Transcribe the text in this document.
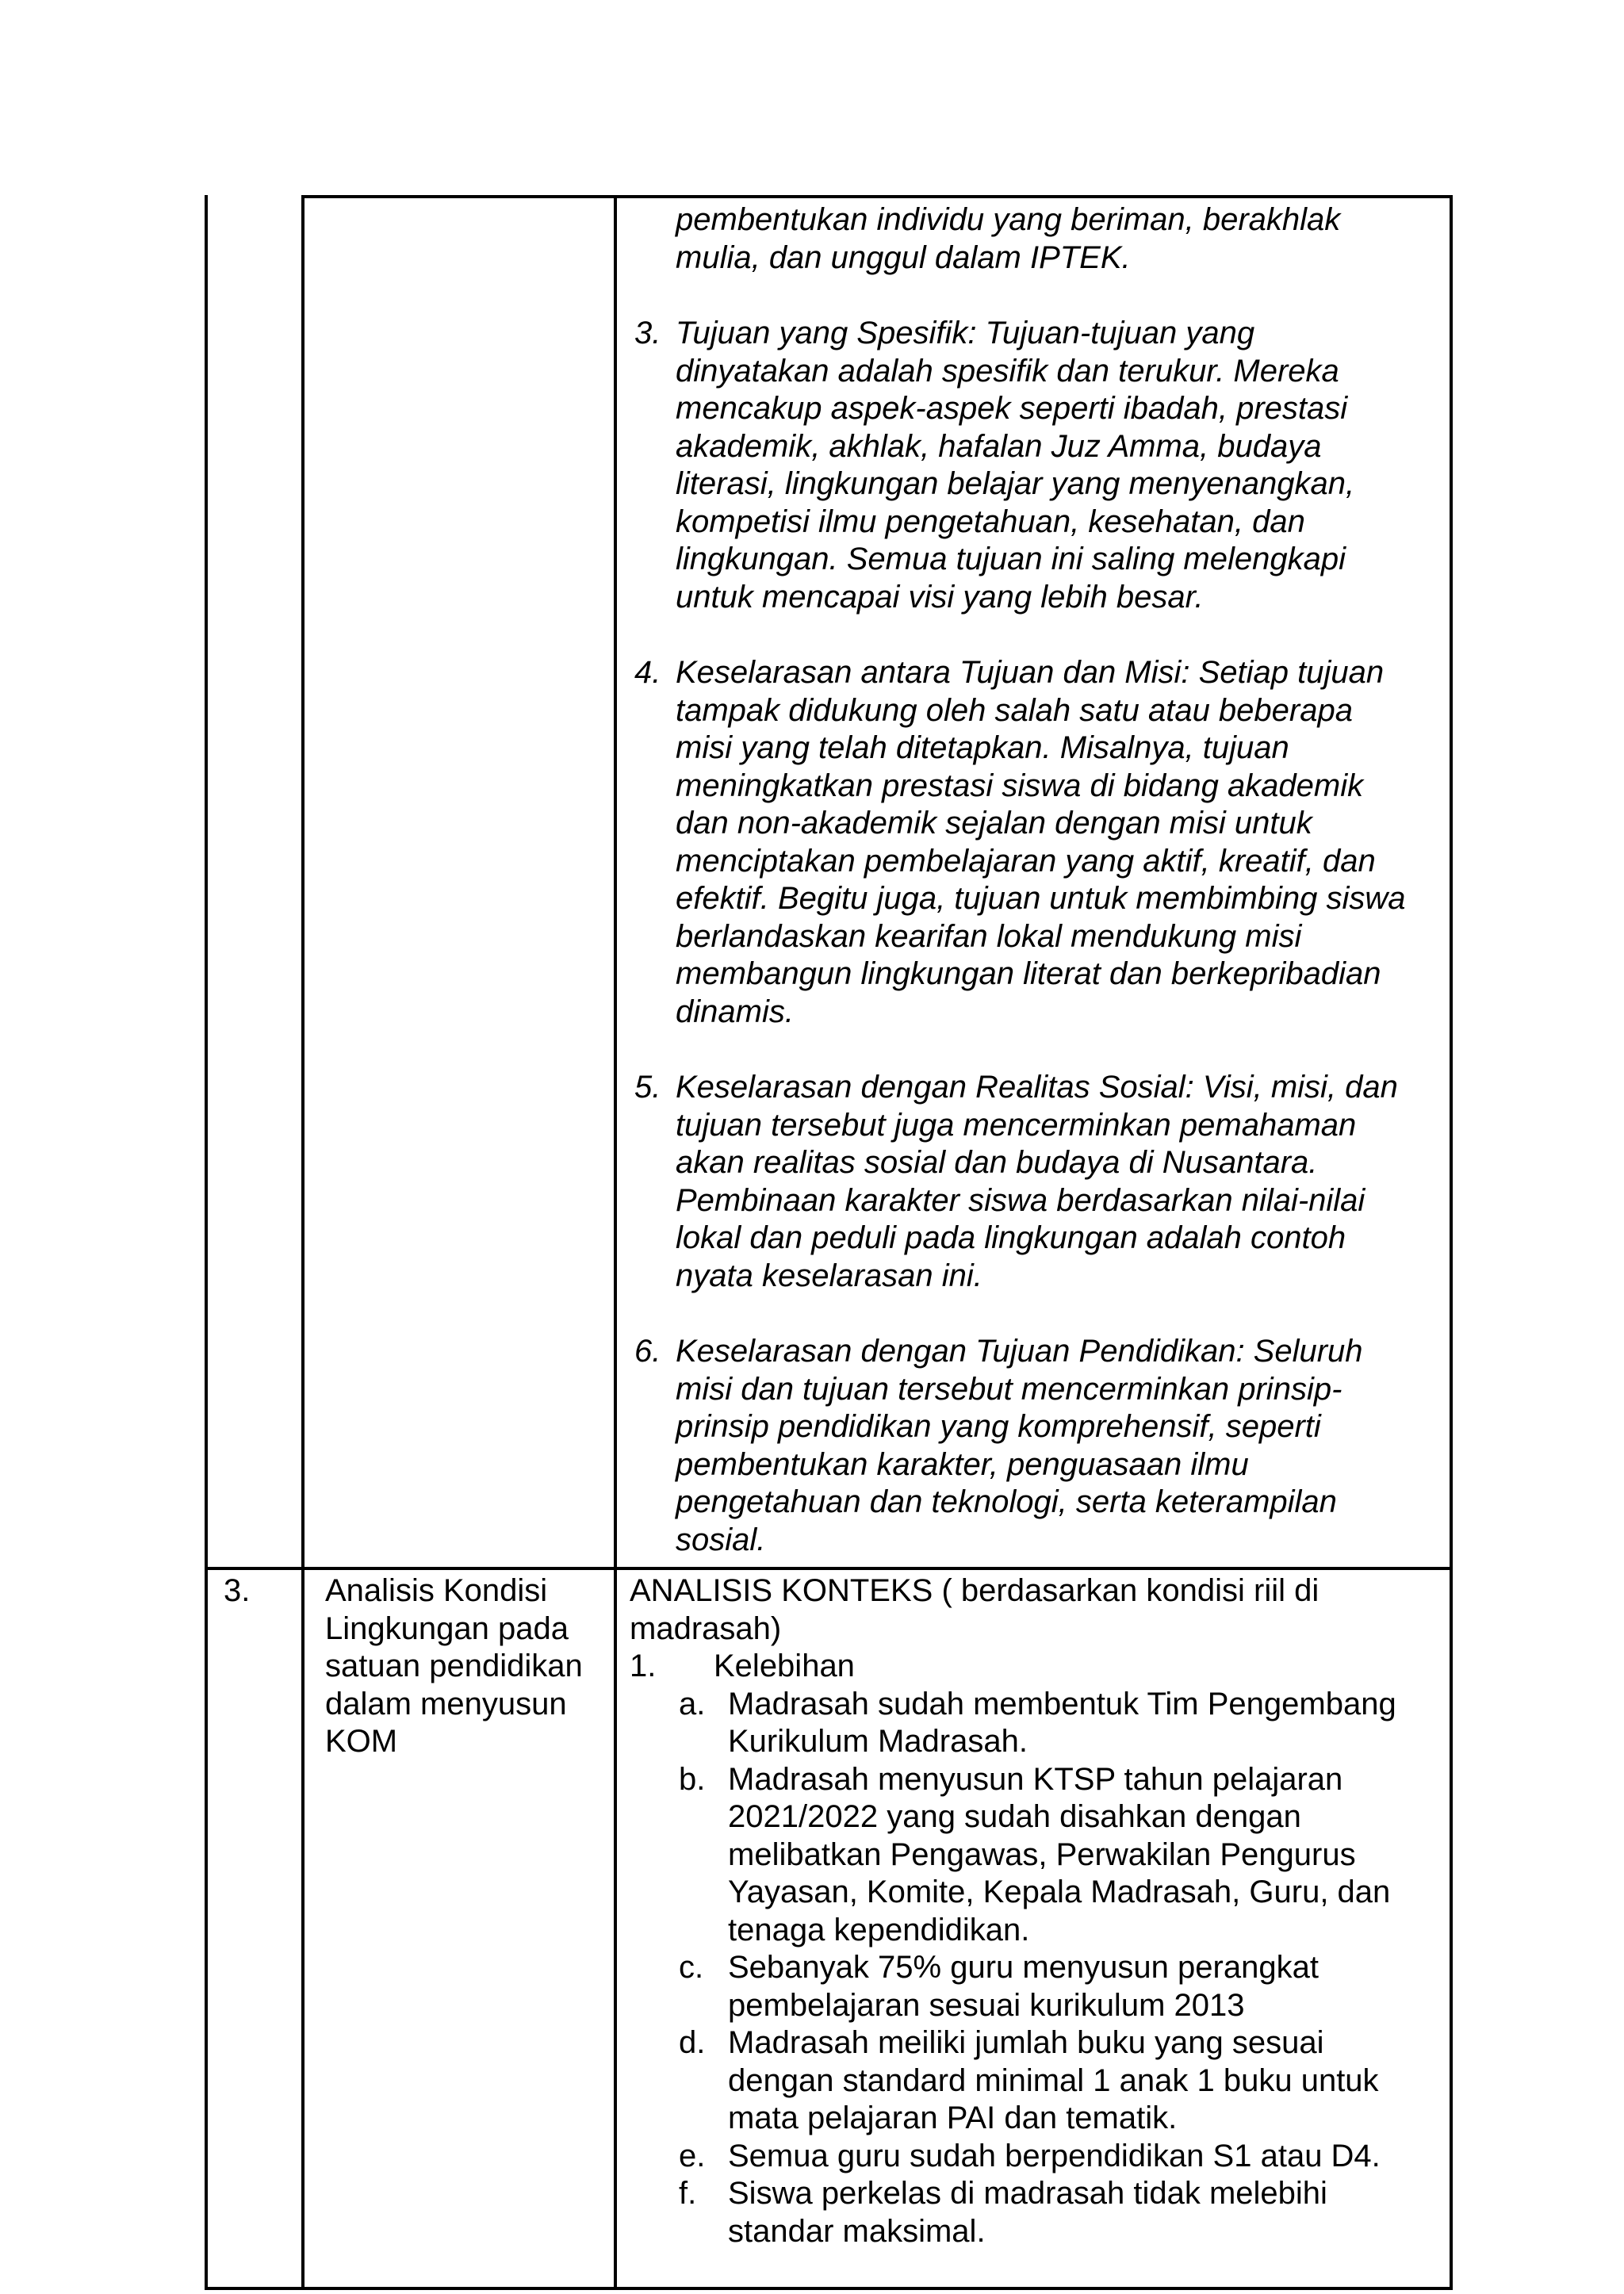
pembentukan individu yang beriman, berakhlak
mulia, dan unggul dalam IPTEK.
3. Tujuan yang Spesifik: Tujuan-tujuan yang
dinyatakan adalah spesifik dan terukur. Mereka
mencakup aspek-aspek seperti ibadah, prestasi
akademik, akhlak, hafalan Juz Amma, budaya
literasi, lingkungan belajar yang menyenangkan,
kompetisi ilmu pengetahuan, kesehatan, dan
lingkungan. Semua tujuan ini saling melengkapi
untuk mencapai visi yang lebih besar.
4. Keselarasan antara Tujuan dan Misi: Setiap tujuan
tampak didukung oleh salah satu atau beberapa
misi yang telah ditetapkan. Misalnya, tujuan
meningkatkan prestasi siswa di bidang akademik
dan non-akademik sejalan dengan misi untuk
menciptakan pembelajaran yang aktif, kreatif, dan
efektif. Begitu juga, tujuan untuk membimbing siswa
berlandaskan kearifan lokal mendukung misi
membangun lingkungan literat dan berkepribadian
dinamis.
5. Keselarasan dengan Realitas Sosial: Visi, misi, dan
tujuan tersebut juga mencerminkan pemahaman
akan realitas sosial dan budaya di Nusantara.
Pembinaan karakter siswa berdasarkan nilai-nilai
lokal dan peduli pada lingkungan adalah contoh
nyata keselarasan ini.
6. Keselarasan dengan Tujuan Pendidikan: Seluruh
misi dan tujuan tersebut mencerminkan prinsip-
prinsip pendidikan yang komprehensif, seperti
pembentukan karakter, penguasaan ilmu
pengetahuan dan teknologi, serta keterampilan
sosial.
3. Analisis Kondisi
Lingkungan pada
satuan pendidikan
dalam menyusun
KOM
ANALISIS KONTEKS ( berdasarkan kondisi riil di
madrasah)
1. Kelebihan
a. Madrasah sudah membentuk Tim Pengembang
Kurikulum Madrasah.
b. Madrasah menyusun KTSP tahun pelajaran
2021/2022 yang sudah disahkan dengan
melibatkan Pengawas, Perwakilan Pengurus
Yayasan, Komite, Kepala Madrasah, Guru, dan
tenaga kependidikan.
c. Sebanyak 75% guru menyusun perangkat
pembelajaran sesuai kurikulum 2013
d. Madrasah meiliki jumlah buku yang sesuai
dengan standard minimal 1 anak 1 buku untuk
mata pelajaran PAI dan tematik.
e. Semua guru sudah berpendidikan S1 atau D4.
f. Siswa perkelas di madrasah tidak melebihi
standar maksimal.
